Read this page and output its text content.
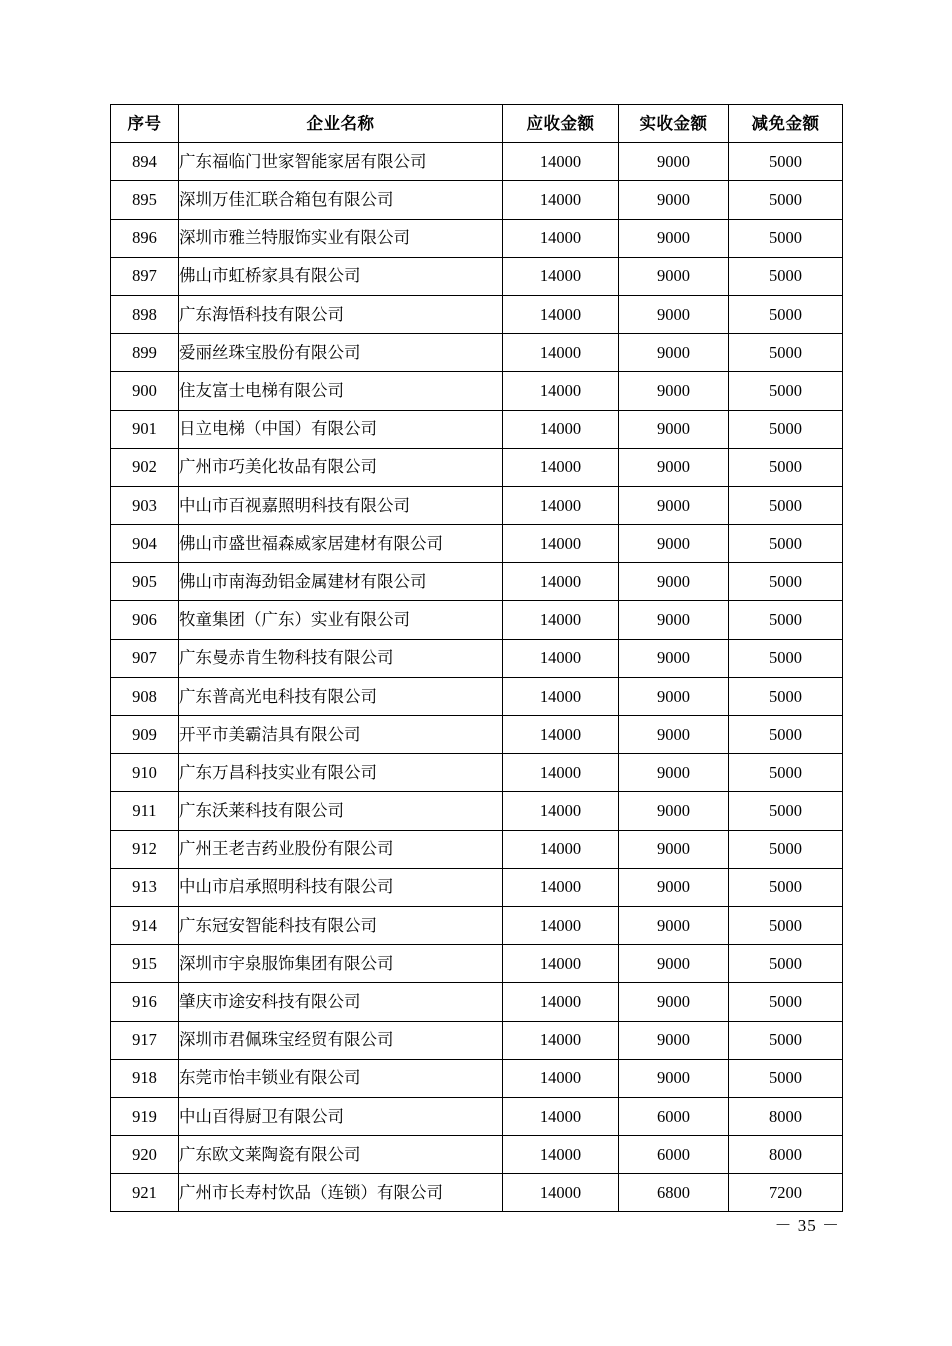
序号	企业名称	应收金额	实收金额	减免金额
894	广东福临门世家智能家居有限公司	14000	9000	5000
895	深圳万佳汇联合箱包有限公司	14000	9000	5000
896	深圳市雅兰特服饰实业有限公司	14000	9000	5000
897	佛山市虹桥家具有限公司	14000	9000	5000
898	广东海悟科技有限公司	14000	9000	5000
899	爱丽丝珠宝股份有限公司	14000	9000	5000
900	住友富士电梯有限公司	14000	9000	5000
901	日立电梯（中国）有限公司	14000	9000	5000
902	广州市巧美化妆品有限公司	14000	9000	5000
903	中山市百视嘉照明科技有限公司	14000	9000	5000
904	佛山市盛世福森威家居建材有限公司	14000	9000	5000
905	佛山市南海劲铝金属建材有限公司	14000	9000	5000
906	牧童集团（广东）实业有限公司	14000	9000	5000
907	广东曼赤肯生物科技有限公司	14000	9000	5000
908	广东普高光电科技有限公司	14000	9000	5000
909	开平市美霸洁具有限公司	14000	9000	5000
910	广东万昌科技实业有限公司	14000	9000	5000
911	广东沃莱科技有限公司	14000	9000	5000
912	广州王老吉药业股份有限公司	14000	9000	5000
913	中山市启承照明科技有限公司	14000	9000	5000
914	广东冠安智能科技有限公司	14000	9000	5000
915	深圳市宇泉服饰集团有限公司	14000	9000	5000
916	肇庆市途安科技有限公司	14000	9000	5000
917	深圳市君佩珠宝经贸有限公司	14000	9000	5000
918	东莞市怡丰锁业有限公司	14000	9000	5000
919	中山百得厨卫有限公司	14000	6000	8000
920	广东欧文莱陶瓷有限公司	14000	6000	8000
921	广州市长寿村饮品（连锁）有限公司	14000	6800	7200
－ 35 －
